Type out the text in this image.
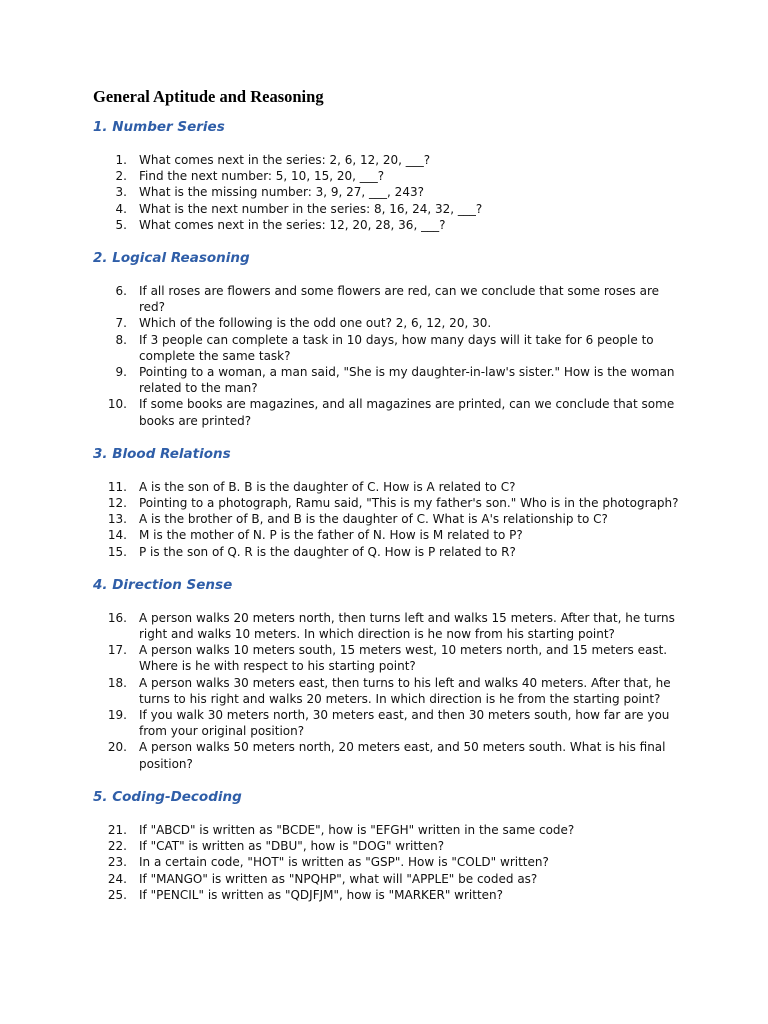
General Aptitude and Reasoning
1. Number Series
1. What comes next in the series: 2, 6, 12, 20, ___?
2. Find the next number: 5, 10, 15, 20, ___?
3. What is the missing number: 3, 9, 27, ___, 243?
4. What is the next number in the series: 8, 16, 24, 32, ___?
5. What comes next in the series: 12, 20, 28, 36, ___?
2. Logical Reasoning
6. If all roses are flowers and some flowers are red, can we conclude that some roses are red?
7. Which of the following is the odd one out? 2, 6, 12, 20, 30.
8. If 3 people can complete a task in 10 days, how many days will it take for 6 people to complete the same task?
9. Pointing to a woman, a man said, "She is my daughter-in-law's sister." How is the woman related to the man?
10. If some books are magazines, and all magazines are printed, can we conclude that some books are printed?
3. Blood Relations
11. A is the son of B. B is the daughter of C. How is A related to C?
12. Pointing to a photograph, Ramu said, "This is my father's son." Who is in the photograph?
13. A is the brother of B, and B is the daughter of C. What is A's relationship to C?
14. M is the mother of N. P is the father of N. How is M related to P?
15. P is the son of Q. R is the daughter of Q. How is P related to R?
4. Direction Sense
16. A person walks 20 meters north, then turns left and walks 15 meters. After that, he turns right and walks 10 meters. In which direction is he now from his starting point?
17. A person walks 10 meters south, 15 meters west, 10 meters north, and 15 meters east. Where is he with respect to his starting point?
18. A person walks 30 meters east, then turns to his left and walks 40 meters. After that, he turns to his right and walks 20 meters. In which direction is he from the starting point?
19. If you walk 30 meters north, 30 meters east, and then 30 meters south, how far are you from your original position?
20. A person walks 50 meters north, 20 meters east, and 50 meters south. What is his final position?
5. Coding-Decoding
21. If "ABCD" is written as "BCDE", how is "EFGH" written in the same code?
22. If "CAT" is written as "DBU", how is "DOG" written?
23. In a certain code, "HOT" is written as "GSP". How is "COLD" written?
24. If "MANGO" is written as "NPQHP", what will "APPLE" be coded as?
25. If "PENCIL" is written as "QDJFJM", how is "MARKER" written?
